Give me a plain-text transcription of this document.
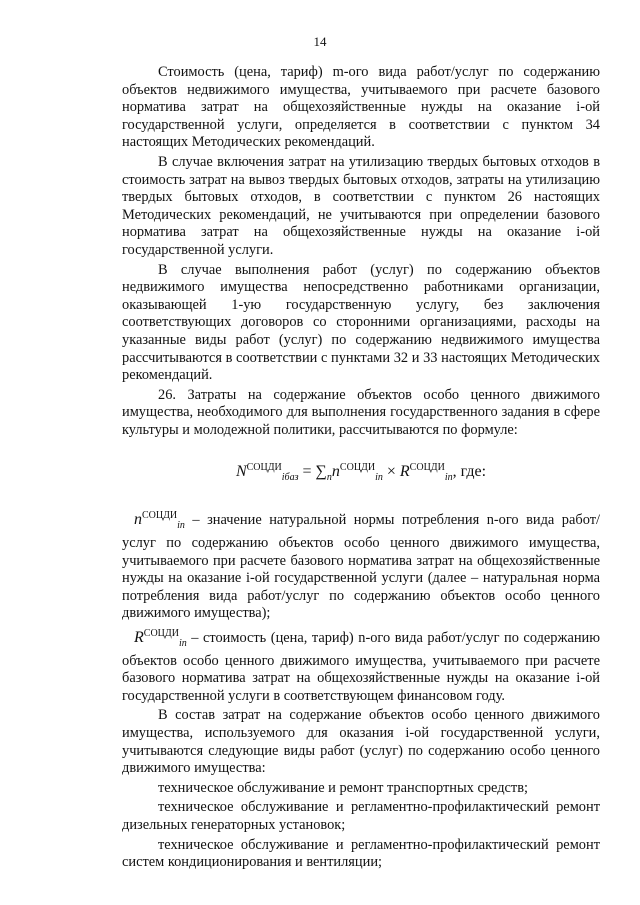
14

Стоимость (цена, тариф) m-ого вида работ/услуг по содержанию объектов недвижимого имущества, учитываемого при расчете базового норматива затрат на общехозяйственные нужды на оказание i-ой государственной услуги, определяется в соответствии с пунктом 34 настоящих Методических рекомендаций.

В случае включения затрат на утилизацию твердых бытовых отходов в стоимость затрат на вывоз твердых бытовых отходов, затраты на утилизацию твердых бытовых отходов, в соответствии с пунктом 26 настоящих Методических рекомендаций, не учитываются при определении базового норматива затрат на общехозяйственные нужды на оказание i-ой государственной услуги.

В случае выполнения работ (услуг) по содержанию объектов недвижимого имущества непосредственно работниками организации, оказывающей 1-ую государственную услугу, без заключения соответствующих договоров со сторонними организациями, расходы на указанные виды работ (услуг) по содержанию недвижимого имущества рассчитываются в соответствии с пунктами 32 и 33 настоящих Методических рекомендаций.

26. Затраты на содержание объектов особо ценного движимого имущества, необходимого для выполнения государственного задания в сфере культуры и молодежной политики, рассчитываются по формуле:

$N^{СОЦДИ}_{iбаз} = \sum_nn^{СОЦДИ}_{in} \times R^{СОЦДИ}_{in}$, где:

$n^{СОЦДИ}_{in}$ – значение натуральной нормы потребления n-ого вида работ/услуг по содержанию объектов особо ценного движимого имущества, учитываемого при расчете базового норматива затрат на общехозяйственные нужды на оказание i-ой государственной услуги (далее – натуральная норма потребления вида работ/услуг по содержанию объектов особо ценного движимого имущества);

$R^{СОЦДИ}_{in}$ – стоимость (цена, тариф) n-ого вида работ/услуг по содержанию объектов особо ценного движимого имущества, учитываемого при расчете базового норматива затрат на общехозяйственные нужды на оказание i-ой государственной услуги в соответствующем финансовом году.

В состав затрат на содержание объектов особо ценного движимого имущества, используемого для оказания i-ой государственной услуги, учитываются следующие виды работ (услуг) по содержанию особо ценного движимого имущества:

техническое обслуживание и ремонт транспортных средств;

техническое обслуживание и регламентно-профилактический ремонт дизельных генераторных установок;

техническое обслуживание и регламентно-профилактический ремонт систем кондиционирования и вентиляции;
